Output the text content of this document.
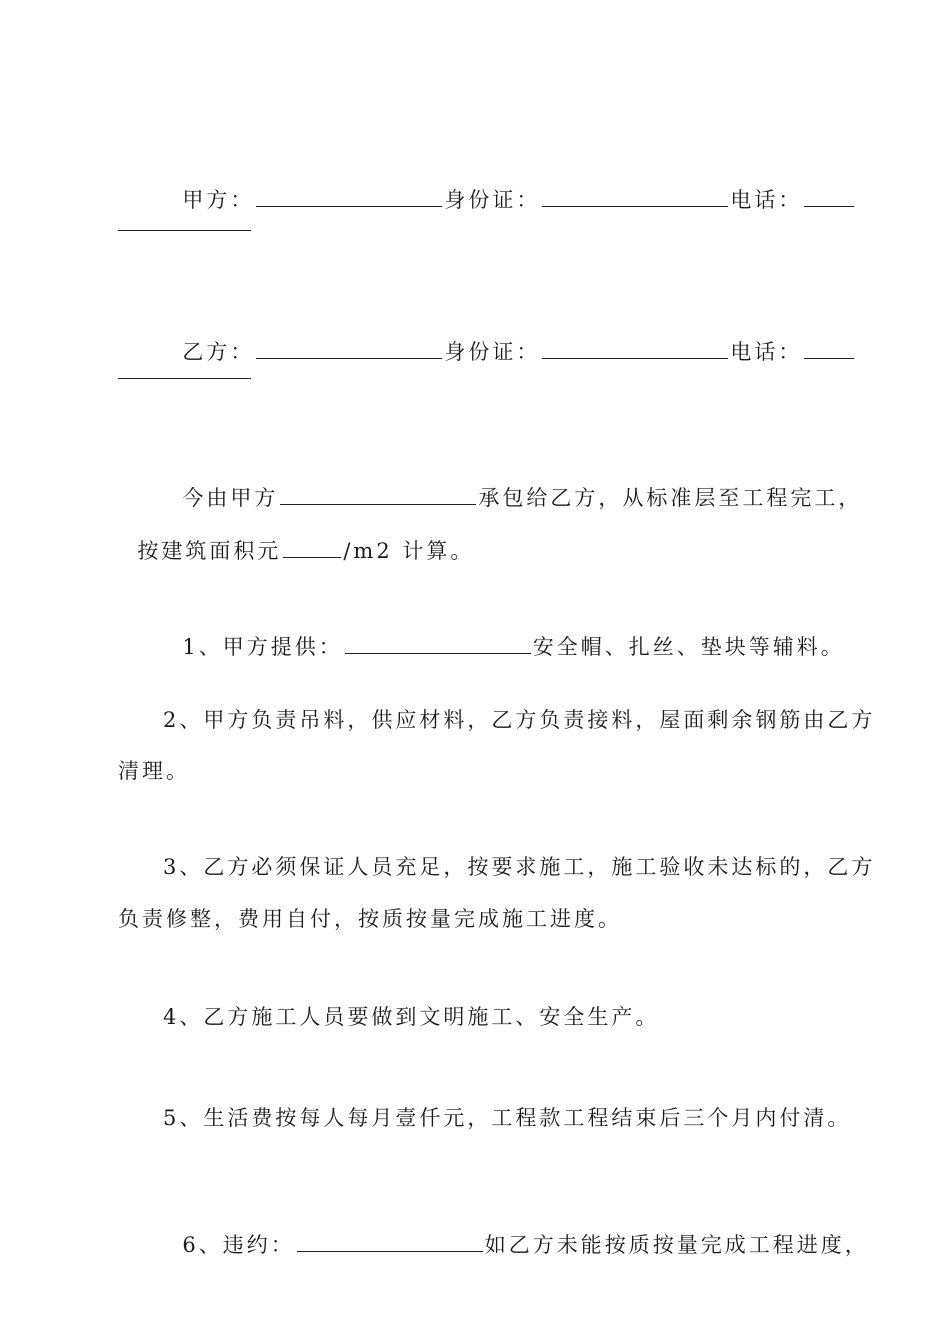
甲方：	身份证：	电话：

乙方：	身份证：	电话：

今由甲方	承包给乙方，从标准层至工程完工，

按建筑面积元	/m2 计算。

1、甲方提供：	安全帽、扎丝、垫块等辅料。

2、甲方负责吊料，供应材料，乙方负责接料，屋面剩余钢筋由乙方
清理。
3、乙方必须保证人员充足，按要求施工，施工验收未达标的，乙方
负责修整，费用自付，按质按量完成施工进度。
4、乙方施工人员要做到文明施工、安全生产。
5、生活费按每人每月壹仟元，工程款工程结束后三个月内付清。

6、违约：	如乙方未能按质按量完成工程进度，
